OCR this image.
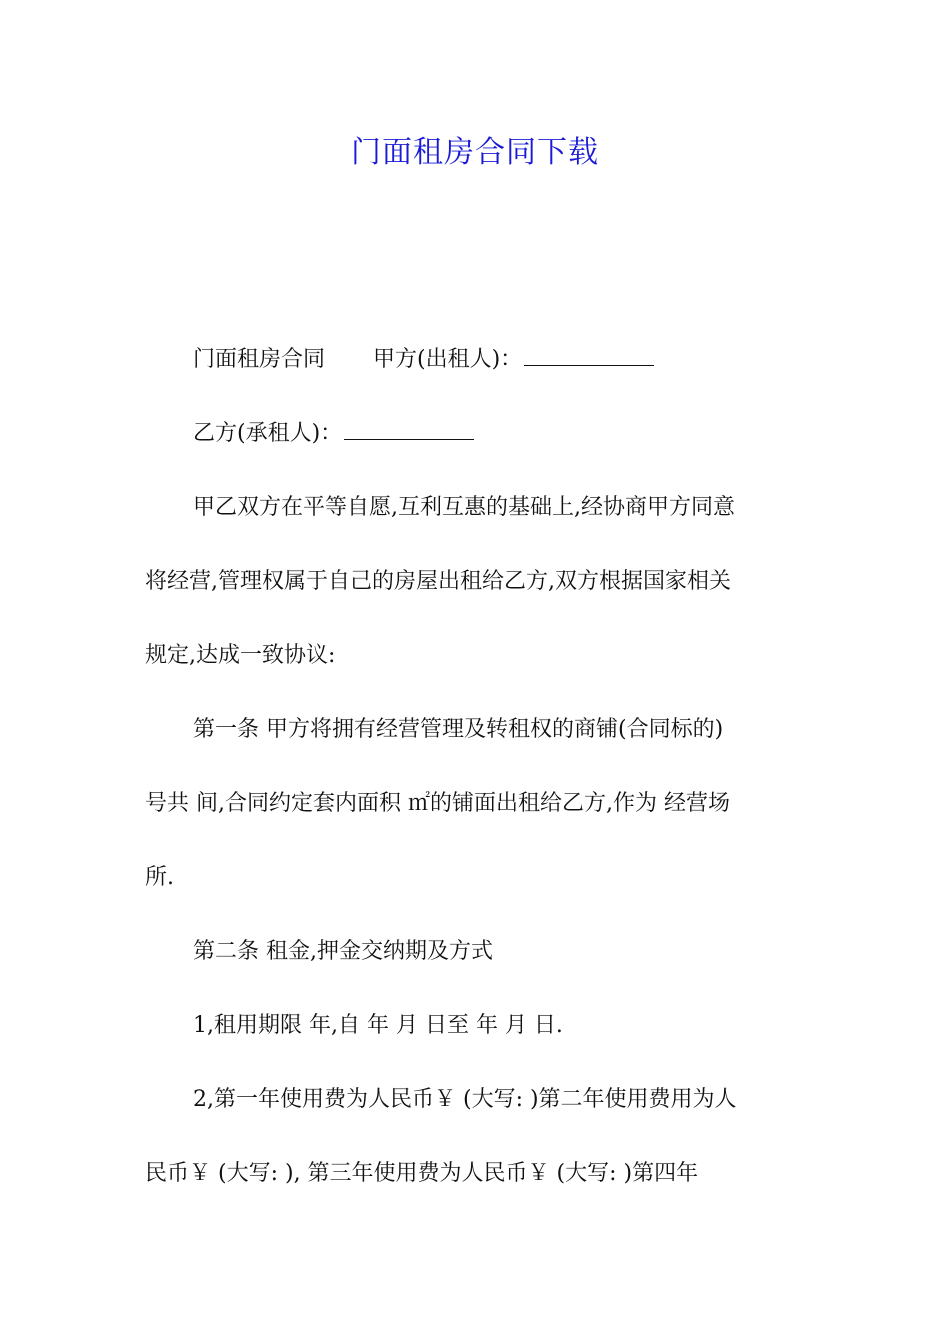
门面租房合同下载
门面租房合同 甲方(出租人)：
乙方(承租人)：
甲乙双方在平等自愿,互利互惠的基础上,经协商甲方同意
将经营,管理权属于自己的房屋出租给乙方,双方根据国家相关
规定,达成一致协议:
第一条 甲方将拥有经营管理及转租权的商铺(合同标的)
号共 间,合同约定套内面积 ㎡的铺面出租给乙方,作为 经营场
所.
第二条 租金,押金交纳期及方式
1,租用期限 年,自 年 月 日至 年 月 日.
2,第一年使用费为人民币￥ (大写: )第二年使用费用为人
民币￥ (大写: ), 第三年使用费为人民币￥ (大写: )第四年
